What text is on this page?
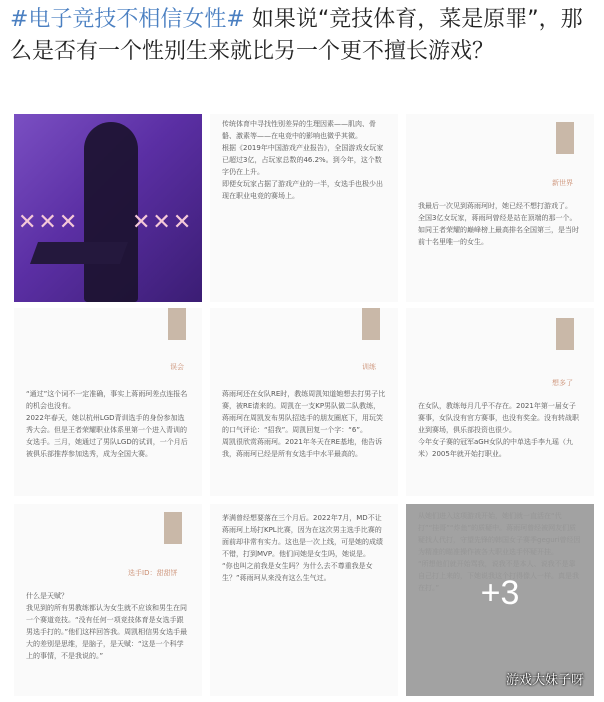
#电子竞技不相信女性# 如果说“竞技体育，菜是原罪”，那么是否有一个性别生来就比另一个更不擅长游戏？
✕✕✕ ✕✕✕
传统体育中寻找性别差异的生理因素——肌肉、骨骼、激素等——在电竞中的影响也微乎其微。
根据《2019年中国游戏产业报告》，全国游戏女玩家已超过3亿，占玩家总数的46.2%。到今年，这个数字仍在上升。
即便女玩家占据了游戏产业的一半，女选手也极少出现在职业电竞的赛场上。
新世界
我最后一次见到蒋雨珂时，她已经不想打游戏了。
全国3亿女玩家，蒋雨珂曾经是站在顶端的那一个。如同王者荣耀的巅峰榜上最高排名全国第三，是当时前十名里唯一的女生。
误会
“通过”这个词不一定准确，事实上蒋雨珂差点连报名的机会也没有。
2022年春天，她以杭州LGD青训选手的身份参加选秀大会。但是王者荣耀职业体系里第一个进入青训的女选手。三月，她通过了男队LGD的试训，一个月后被俱乐部推荐参加选秀，成为全国大赛。
训练
蒋雨珂还在女队RE时，教练周凯知道她想去打男子比赛，被RE请来的。周凯在一支KP男队做二队教练，蒋雨珂在周凯发布男队招选手的朋友圈底下，用玩笑的口气评论：“招我”。周凯回复一个字：“6”。
周凯很欣赏蒋雨珂。2021年冬天在RE基地，他告诉我，蒋雨珂已经是所有女选手中水平最高的。
想多了
在女队，教练每月几乎不存在。2021年第一届女子赛事，女队没有官方赛事，也没有奖金。没有转战职业到赛场，俱乐部投资也很少。
今年女子赛的冠军aGH女队的中单选手李九瑶（九米）2005年就开始打职业。
选手ID：甜甜饼
什么是天赋？
我见到的所有男教练都认为女生就不应该和男生在同一个赛道竞技。“没有任何一项竞技体育是女选手跟男选手打的。”他们这样回答我。周凯相信男女选手最大的差别是思维，是脑子，是天赋：“这是一个科学上的事情，不是我说的。”
茅满曾经想要落在三个月后。2022年7月，MD不让蒋雨珂上场打KPL比赛，因为在这次男主选手比赛的面前却非常有实力。这也是一次上线，可是她的成绩不错，打到MVP。他们问她是女生吗，她说是。
“你也叫之前我是女生吗？为什么去不尊重我是女生？”蒋雨珂从来没有这么生气过。	+3
游戏大妹子呀
